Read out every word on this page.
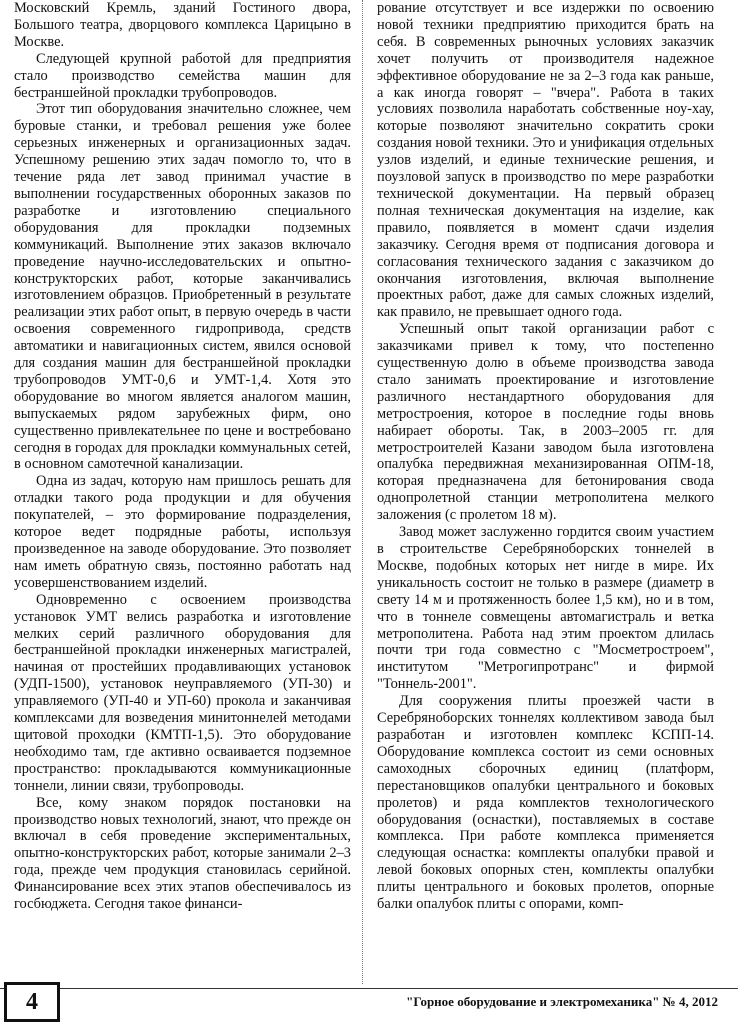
Московский Кремль, зданий Гостиного двора, Большого театра, дворцового комплекса Царицыно в Москве.

Следующей крупной работой для предприятия стало производство семейства машин для бестраншейной прокладки трубопроводов.

Этот тип оборудования значительно сложнее, чем буровые станки, и требовал решения уже более серьезных инженерных и организационных задач. Успешному решению этих задач помогло то, что в течение ряда лет завод принимал участие в выполнении государственных оборонных заказов по разработке и изготовлению специального оборудования для прокладки подземных коммуникаций. Выполнение этих заказов включало проведение научно-исследовательских и опытно-конструкторских работ, которые заканчивались изготовлением образцов. Приобретенный в результате реализации этих работ опыт, в первую очередь в части освоения современного гидропривода, средств автоматики и навигационных систем, явился основой для создания машин для бестраншейной прокладки трубопроводов УМТ-0,6 и УМТ-1,4. Хотя это оборудование во многом является аналогом машин, выпускаемых рядом зарубежных фирм, оно существенно привлекательнее по цене и востребовано сегодня в городах для прокладки коммунальных сетей, в основном самотечной канализации.

Одна из задач, которую нам пришлось решать для отладки такого рода продукции и для обучения покупателей, – это формирование подразделения, которое ведет подрядные работы, используя произведенное на заводе оборудование. Это позволяет нам иметь обратную связь, постоянно работать над усовершенствованием изделий.

Одновременно с освоением производства установок УМТ велись разработка и изготовление мелких серий различного оборудования для бестраншейной прокладки инженерных магистралей, начиная от простейших продавливающих установок (УДП-1500), установок неуправляемого (УП-30) и управляемого (УП-40 и УП-60) прокола и заканчивая комплексами для возведения минитоннелей методами щитовой проходки (КМТП-1,5). Это оборудование необходимо там, где активно осваивается подземное пространство: прокладываются коммуникационные тоннели, линии связи, трубопроводы.

Все, кому знаком порядок постановки на производство новых технологий, знают, что прежде он включал в себя проведение экспериментальных, опытно-конструкторских работ, которые занимали 2–3 года, прежде чем продукция становилась серийной. Финансирование всех этих этапов обеспечивалось из госбюджета. Сегодня такое финанси-

рование отсутствует и все издержки по освоению новой техники предприятию приходится брать на себя. В современных рыночных условиях заказчик хочет получить от производителя надежное эффективное оборудование не за 2–3 года как раньше, а как иногда говорят – "вчера". Работа в таких условиях позволила наработать собственные ноу-хау, которые позволяют значительно сократить сроки создания новой техники. Это и унификация отдельных узлов изделий, и единые технические решения, и поузловой запуск в производство по мере разработки технической документации. На первый образец полная техническая документация на изделие, как правило, появляется в момент сдачи изделия заказчику. Сегодня время от подписания договора и согласования технического задания с заказчиком до окончания изготовления, включая выполнение проектных работ, даже для самых сложных изделий, как правило, не превышает одного года.

Успешный опыт такой организации работ с заказчиками привел к тому, что постепенно существенную долю в объеме производства завода стало занимать проектирование и изготовление различного нестандартного оборудования для метростроения, которое в последние годы вновь набирает обороты. Так, в 2003–2005 гг. для метростроителей Казани заводом была изготовлена опалубка передвижная механизированная ОПМ-18, которая предназначена для бетонирования свода однопролетной станции метрополитена мелкого заложения (с пролетом 18 м).

Завод может заслуженно гордится своим участием в строительстве Серебряноборских тоннелей в Москве, подобных которых нет нигде в мире. Их уникальность состоит не только в размере (диаметр в свету 14 м и протяженность более 1,5 км), но и в том, что в тоннеле совмещены автомагистраль и ветка метрополитена. Работа над этим проектом длилась почти три года совместно с "Мосметростроем", институтом "Метрогипротранс" и фирмой "Тоннель-2001".

Для сооружения плиты проезжей части в Серебряноборских тоннелях коллективом завода был разработан и изготовлен комплекс КСПП-14. Оборудование комплекса состоит из семи основных самоходных сборочных единиц (платформ, перестановщиков опалубки центрального и боковых пролетов) и ряда комплектов технологического оборудования (оснастки), поставляемых в составе комплекса. При работе комплекса применяется следующая оснастка: комплекты опалубки правой и левой боковых опорных стен, комплекты опалубки плиты центрального и боковых пролетов, опорные балки опалубок плиты с опорами, комп-

4	"Горное оборудование и электромеханика" № 4, 2012
